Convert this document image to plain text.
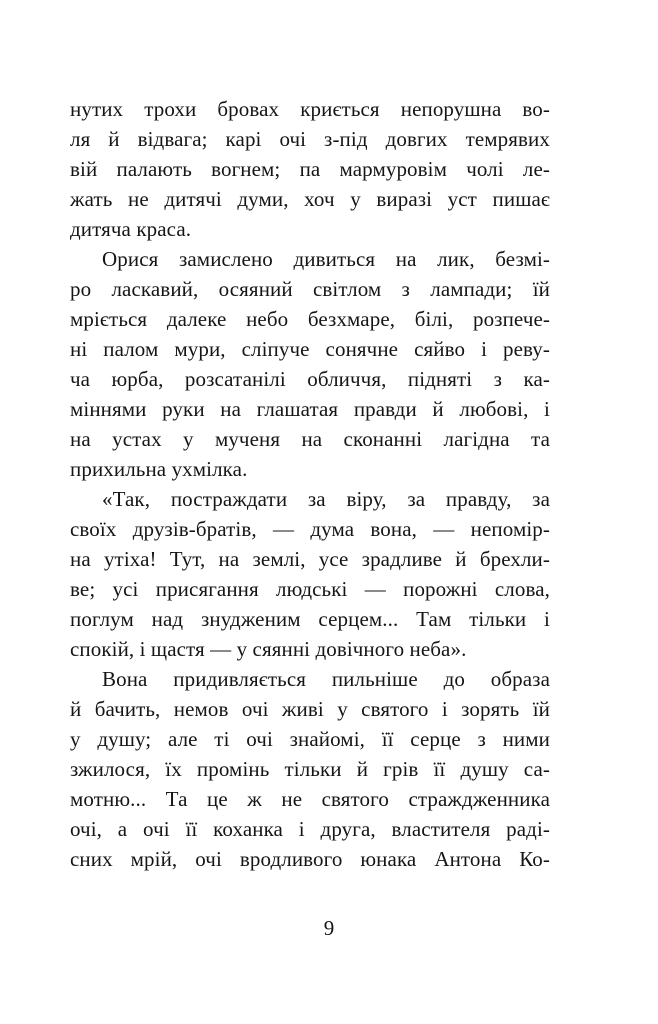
нутих трохи бровах криється непорушна во-
ля й відвага; карі очі з-під довгих темрявих
вій палають вогнем; па мармуровім чолі ле-
жать не дитячі думи, хоч у виразі уст пишає
дитяча краса.
Орися замислено дивиться на лик, безмі-
ро ласкавий, осяяний світлом з лампади; їй
мріється далеке небо безхмаре, білі, розпече-
ні палом мури, сліпуче сонячне сяйво і реву-
ча юрба, розсатанілі обличчя, підняті з ка-
міннями руки на глашатая правди й любові, і
на устах у мученя на сконанні лагідна та
прихильна ухмілка.
«Так, постраждати за віру, за правду, за
своїх друзів-братів, — дума вона, — непомір-
на утіха! Тут, на землі, усе зрадливе й брехли-
ве; усі присягання людські — порожні слова,
поглум над знудженим серцем... Там тільки і
спокій, і щастя — у сяянні довічного неба».
Вона придивляється пильніше до образа
й бачить, немов очі живі у святого і зорять їй
у душу; але ті очі знайомі, її серце з ними
зжилося, їх промінь тільки й грів її душу са-
мотню... Та це ж не святого страждженника
очі, а очі її коханка і друга, властителя раді-
сних мрій, очі вродливого юнака Антона Ко-
9
